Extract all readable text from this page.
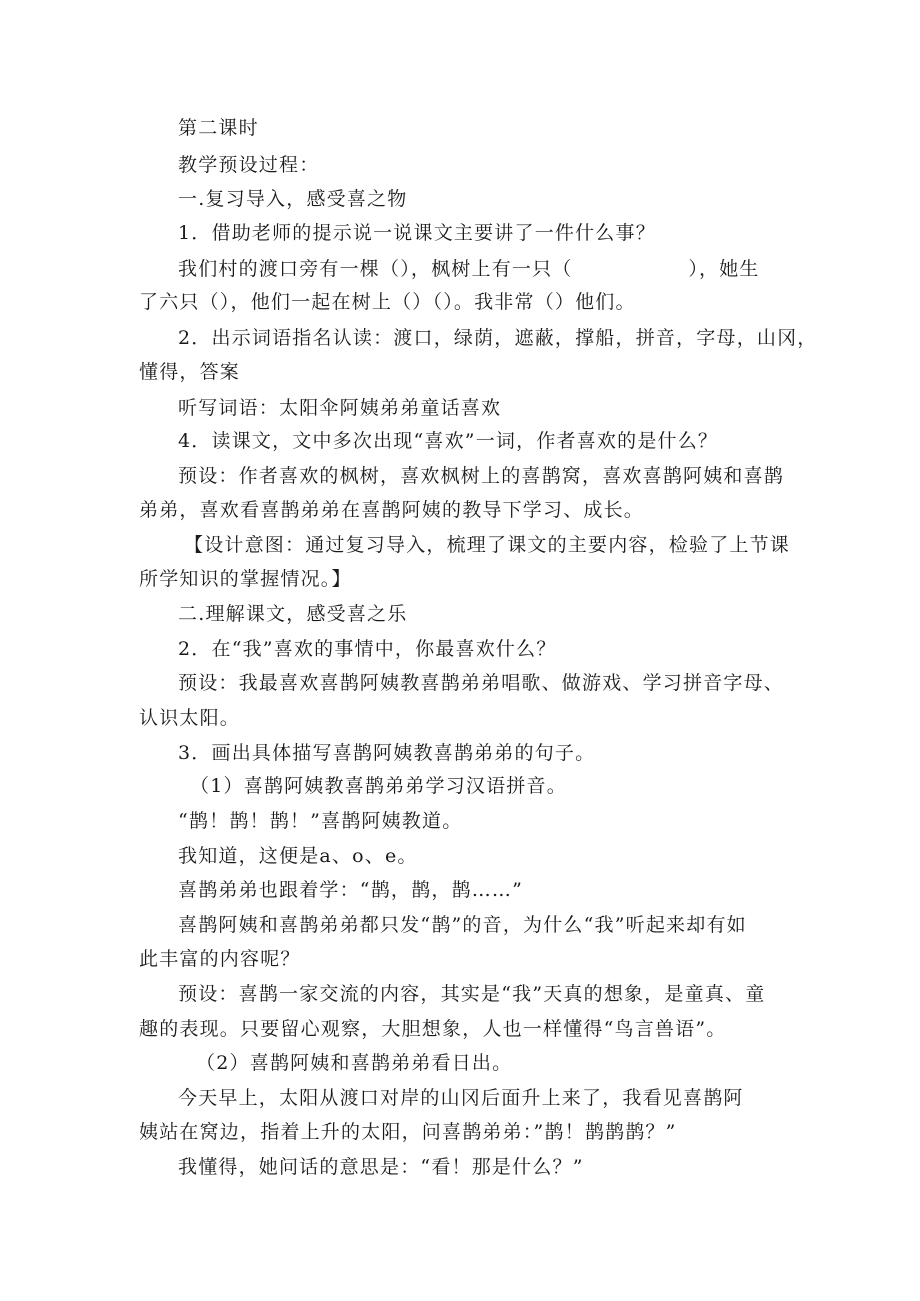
第二课时
教学预设过程：
一.复习导入，感受喜之物
1．借助老师的提示说一说课文主要讲了一件什么事？
我们村的渡口旁有一棵（），枫树上有一只（                ），她生
了六只（），他们一起在树上（）（）。我非常（）他们。
2．出示词语指名认读：渡口，绿荫，遮蔽，撑船，拼音，字母，山冈，
懂得，答案
听写词语：太阳伞阿姨弟弟童话喜欢
4．读课文，文中多次出现“喜欢”一词，作者喜欢的是什么？
预设：作者喜欢的枫树，喜欢枫树上的喜鹊窝，喜欢喜鹊阿姨和喜鹊
弟弟，喜欢看喜鹊弟弟在喜鹊阿姨的教导下学习、成长。
【设计意图：通过复习导入，梳理了课文的主要内容，检验了上节课
所学知识的掌握情况。】
二.理解课文，感受喜之乐
2．在“我”喜欢的事情中，你最喜欢什么？
预设：我最喜欢喜鹊阿姨教喜鹊弟弟唱歌、做游戏、学习拼音字母、
认识太阳。
3．画出具体描写喜鹊阿姨教喜鹊弟弟的句子。
（1）喜鹊阿姨教喜鹊弟弟学习汉语拼音。
“鹊！鹊！鹊！”喜鹊阿姨教道。
我知道，这便是a、o、e。
喜鹊弟弟也跟着学：“鹊，鹊，鹊……”
喜鹊阿姨和喜鹊弟弟都只发“鹊”的音，为什么“我”听起来却有如
此丰富的内容呢？
预设：喜鹊一家交流的内容，其实是“我”天真的想象，是童真、童
趣的表现。只要留心观察，大胆想象，人也一样懂得“鸟言兽语”。
（2）喜鹊阿姨和喜鹊弟弟看日出。
今天早上，太阳从渡口对岸的山冈后面升上来了，我看见喜鹊阿
姨站在窝边，指着上升的太阳，问喜鹊弟弟：”鹊！鹊鹊鹊？”
我懂得，她问话的意思是：“看！那是什么？”
